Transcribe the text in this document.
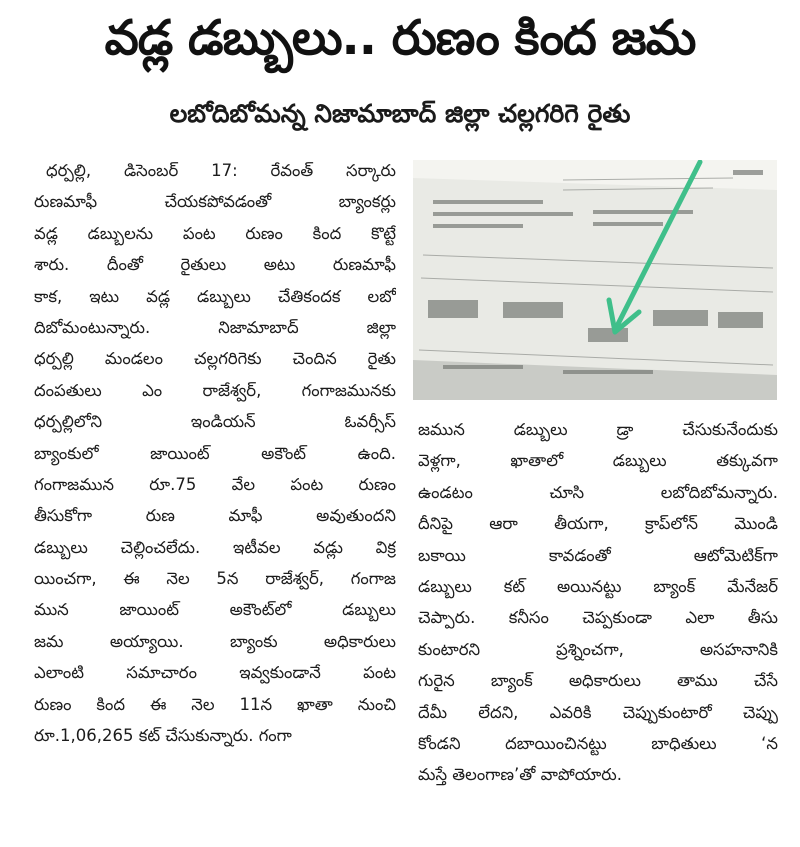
వడ్ల డబ్బులు.. రుణం కింద జమ
లబోదిబోమన్న నిజామాబాద్ జిల్లా చల్లగరిగె రైతు
ధర్పల్లి, డిసెంబర్ 17: రేవంత్ సర్కారు
రుణమాఫీ చేయకపోవడంతో బ్యాంకర్లు
వడ్ల డబ్బులను పంట రుణం కింద కొట్టే
శారు. దీంతో రైతులు అటు రుణమాఫీ
కాక, ఇటు వడ్ల డబ్బులు చేతికందక లబో
దిబోమంటున్నారు. నిజామాబాద్ జిల్లా
ధర్పల్లి మండలం చల్లగరిగెకు చెందిన రైతు
దంపతులు ఎం రాజేశ్వర్, గంగాజమునకు
ధర్పల్లిలోని ఇండియన్ ఓవర్సీస్
బ్యాంకులో జాయింట్ అకౌంట్ ఉంది.
గంగాజమున రూ.75 వేల పంట రుణం
తీసుకోగా రుణ మాఫీ అవుతుందని
డబ్బులు చెల్లించలేదు. ఇటీవల వడ్లు విక్ర
యించగా, ఈ నెల 5న రాజేశ్వర్, గంగాజ
మున జాయింట్ అకౌంట్‌లో డబ్బులు
జమ అయ్యాయి. బ్యాంకు అధికారులు
ఎలాంటి సమాచారం ఇవ్వకుండానే పంట
రుణం కింద ఈ నెల 11న ఖాతా నుంచి
రూ.1,06,265 కట్ చేసుకున్నారు. గంగా
జమున డబ్బులు డ్రా చేసుకునేందుకు
వెళ్లగా, ఖాతాలో డబ్బులు తక్కువగా
ఉండటం చూసి లబోదిబోమన్నారు.
దీనిపై ఆరా తీయగా, క్రాప్‌లోన్ మొండి
బకాయి కావడంతో ఆటోమెటిక్‌గా
డబ్బులు కట్ అయినట్టు బ్యాంక్ మేనేజర్
చెప్పారు. కనీసం చెప్పకుండా ఎలా తీసు
కుంటారని ప్రశ్నించగా, అసహనానికి
గురైన బ్యాంక్ అధికారులు తాము చేసే
దేమీ లేదని, ఎవరికి చెప్పుకుంటారో చెప్పు
కోండని దబాయించినట్టు బాధితులు ‘న
మస్తే తెలంగాణ’తో వాపోయారు.
